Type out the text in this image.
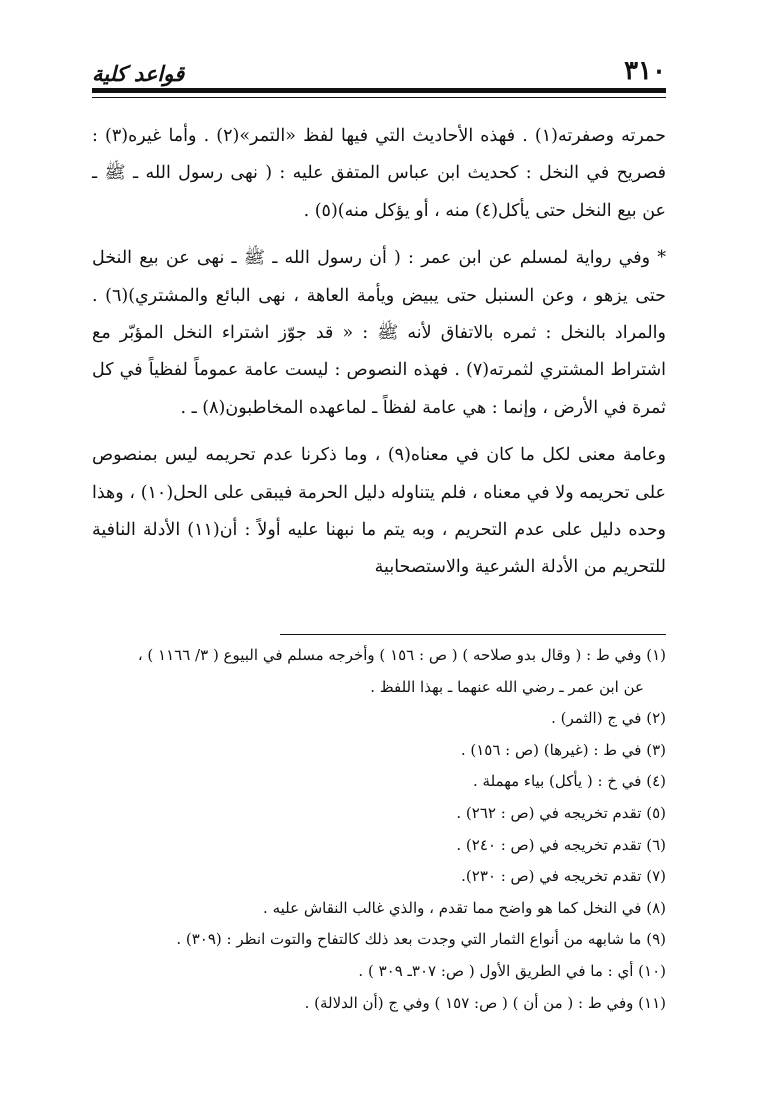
٣١٠
قواعد كلية

حمرته وصفرته(١) . فهذه الأحاديث التي فيها لفظ «التمر»(٢) . وأما غيره(٣) : فصريح في النخل : كحديث ابن عباس المتفق عليه : ( نهى رسول الله ـ ﷺ ـ عن بيع النخل حتى يأكل(٤) منه ، أو يؤكل منه)(٥) .

* وفي رواية لمسلم عن ابن عمر : ( أن رسول الله ـ ﷺ ـ نهى عن بيع النخل حتى يزهو ، وعن السنبل حتى يبيض ويأمة العاهة ، نهى البائع والمشتري)(٦) . والمراد بالنخل : ثمره بالاتفاق لأنه ﷺ : « قد جوّز اشتراء النخل المؤبّر مع اشتراط المشتري لثمرته(٧) . فهذه النصوص : ليست عامة عموماً لفظياً في كل ثمرة في الأرض ، وإنما : هي عامة لفظاً ـ لماعهده المخاطبون(٨) ـ .

وعامة معنى لكل ما كان في معناه(٩) ، وما ذكرنا عدم تحريمه ليس بمنصوص على تحريمه ولا في معناه ، فلم يتناوله دليل الحرمة فيبقى على الحل(١٠) ، وهذا وحده دليل على عدم التحريم ، وبه يتم ما نبهنا عليه أولاً : أن(١١) الأدلة النافية للتحريم من الأدلة الشرعية والاستصحابية

(١) وفي ط : ( وقال بدو صلاحه ) ( ص : ١٥٦ ) وأخرجه مسلم في البيوع ( ٣/ ١١٦٦ ) ،

عن ابن عمر ـ رضي الله عنهما ـ بهذا اللفظ .

(٢) في ج (الثمر) .

(٣) في ط : (غيرها) (ص : ١٥٦) .

(٤) في خ : ( يأكل) بياء مهملة .

(٥) تقدم تخريجه في (ص : ٢٦٢) .

(٦) تقدم تخريجه في (ص : ٢٤٠) .

(٧) تقدم تخريجه في (ص : ٢٣٠).

(٨) في النخل كما هو واضح مما تقدم ، والذي غالب النقاش عليه .

(٩) ما شابهه من أنواع الثمار التي وجدت بعد ذلك كالتفاح والتوت انظر : (٣٠٩) .

(١٠) أي : ما في الطريق الأول ( ص: ٣٠٧ـ ٣٠٩ ) .

(١١) وفي ط : ( من أن ) ( ص: ١٥٧ ) وفي ج (أن الدلالة) .
